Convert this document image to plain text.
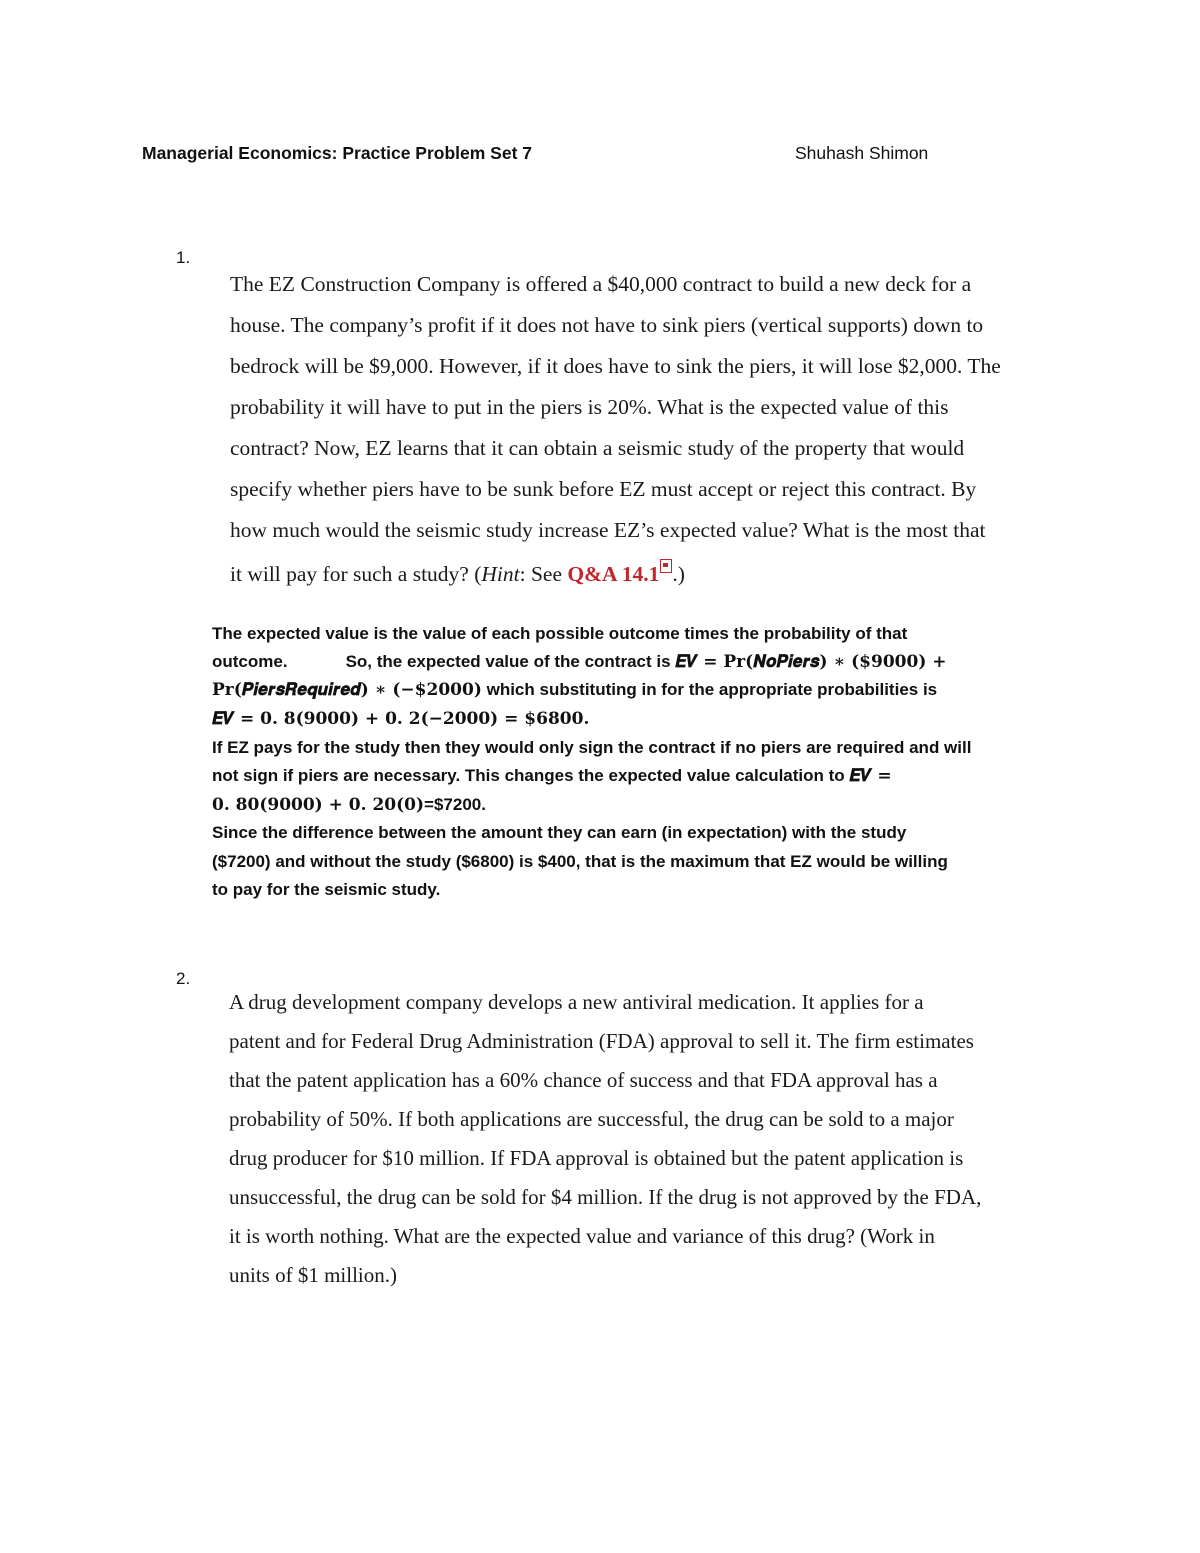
Managerial Economics: Practice Problem Set 7	Shuhash Shimon
1.
The EZ Construction Company is offered a $40,000 contract to build a new deck for a
house. The company’s profit if it does not have to sink piers (vertical supports) down to
bedrock will be $9,000. However, if it does have to sink the piers, it will lose $2,000. The
probability it will have to put in the piers is 20%. What is the expected value of this
contract? Now, EZ learns that it can obtain a seismic study of the property that would
specify whether piers have to be sunk before EZ must accept or reject this contract. By
how much would the seismic study increase EZ’s expected value? What is the most that
it will pay for such a study? (Hint: See Q&A 14.1 .)
The expected value is the value of each possible outcome times the probability of that
outcome.	So, the expected value of the contract is 𝑬𝑽 = 𝐏𝐫(𝑵𝒐𝑷𝒊𝒆𝒓𝒔) ∗ ($𝟗𝟎𝟎𝟎) +
𝐏𝐫(𝑷𝒊𝒆𝒓𝒔𝑹𝒆𝒒𝒖𝒊𝒓𝒆𝒅) ∗ (−$𝟐𝟎𝟎𝟎) which substituting in for the appropriate probabilities is
𝑬𝑽 = 𝟎. 𝟖(𝟗𝟎𝟎𝟎) + 𝟎. 𝟐(−𝟐𝟎𝟎𝟎) = $𝟔𝟖𝟎𝟎.
If EZ pays for the study then they would only sign the contract if no piers are required and will
not sign if piers are necessary. This changes the expected value calculation to 𝑬𝑽 =
𝟎. 𝟖𝟎(𝟗𝟎𝟎𝟎) + 𝟎. 𝟐𝟎(𝟎)=$7200.
Since the difference between the amount they can earn (in expectation) with the study
($7200) and without the study ($6800) is $400, that is the maximum that EZ would be willing
to pay for the seismic study.
2.
A drug development company develops a new antiviral medication. It applies for a
patent and for Federal Drug Administration (FDA) approval to sell it. The firm estimates
that the patent application has a 60% chance of success and that FDA approval has a
probability of 50%. If both applications are successful, the drug can be sold to a major
drug producer for $10 million. If FDA approval is obtained but the patent application is
unsuccessful, the drug can be sold for $4 million. If the drug is not approved by the FDA,
it is worth nothing. What are the expected value and variance of this drug? (Work in
units of $1 million.)
